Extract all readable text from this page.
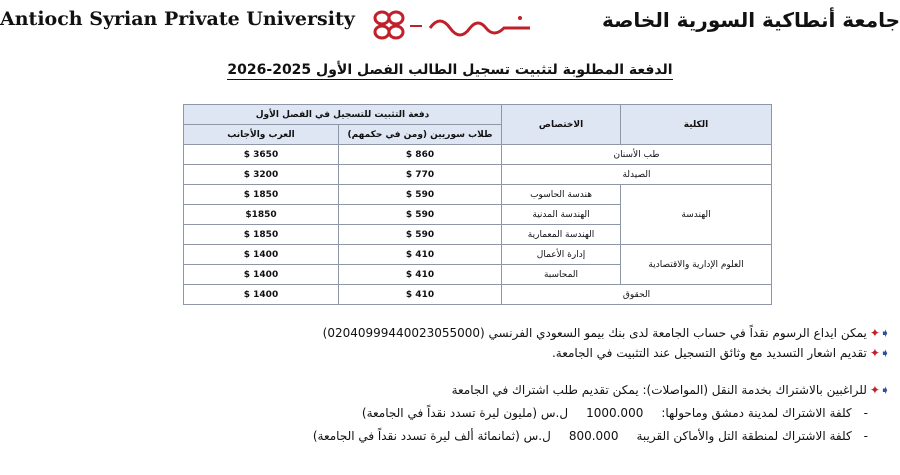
Antioch Syrian Private University	جامعة أنطاكية السورية الخاصة
الدفعة المطلوبة لتثبيت تسجيل الطالب الفصل الأول 2025-2026
دفعة التثبيت للتسجيل في الفصل الأول		الاختصاص	الكلية
العرب والأجانب	طلاب سوريين (ومن في حكمهم)		
$ 3650	$ 860	طب الأسنان	
$ 3200	$ 770	الصيدلة	
$ 1850	$ 590	هندسة الحاسوب	الهندسة
$1850	$ 590	الهندسة المدنية	
$ 1850	$ 590	الهندسة المعمارية	
$ 1400	$ 410	إدارة الأعمال	العلوم الإدارية والاقتصادية
$ 1400	$ 410	المحاسبة	
$ 1400	$ 410	الحقوق	
➧✦يمكن ايداع الرسوم نقداً في حساب الجامعة لدى بنك بيمو السعودي الفرنسي (02040999440023055000)
➧✦تقديم اشعار التسديد مع وثائق التسجيل عند التثبيت في الجامعة.
➧✦للراغبين بالاشتراك بخدمة النقل (المواصلات): يمكن تقديم طلب اشتراك في الجامعة
-كلفة الاشتراك لمدينة دمشق وماحولها:1000.000ل.س (مليون ليرة تسدد نقداً في الجامعة)
-كلفة الاشتراك لمنطقة التل والأماكن القريبة800.000ل.س (ثمانمائة ألف ليرة تسدد نقداً في الجامعة)
